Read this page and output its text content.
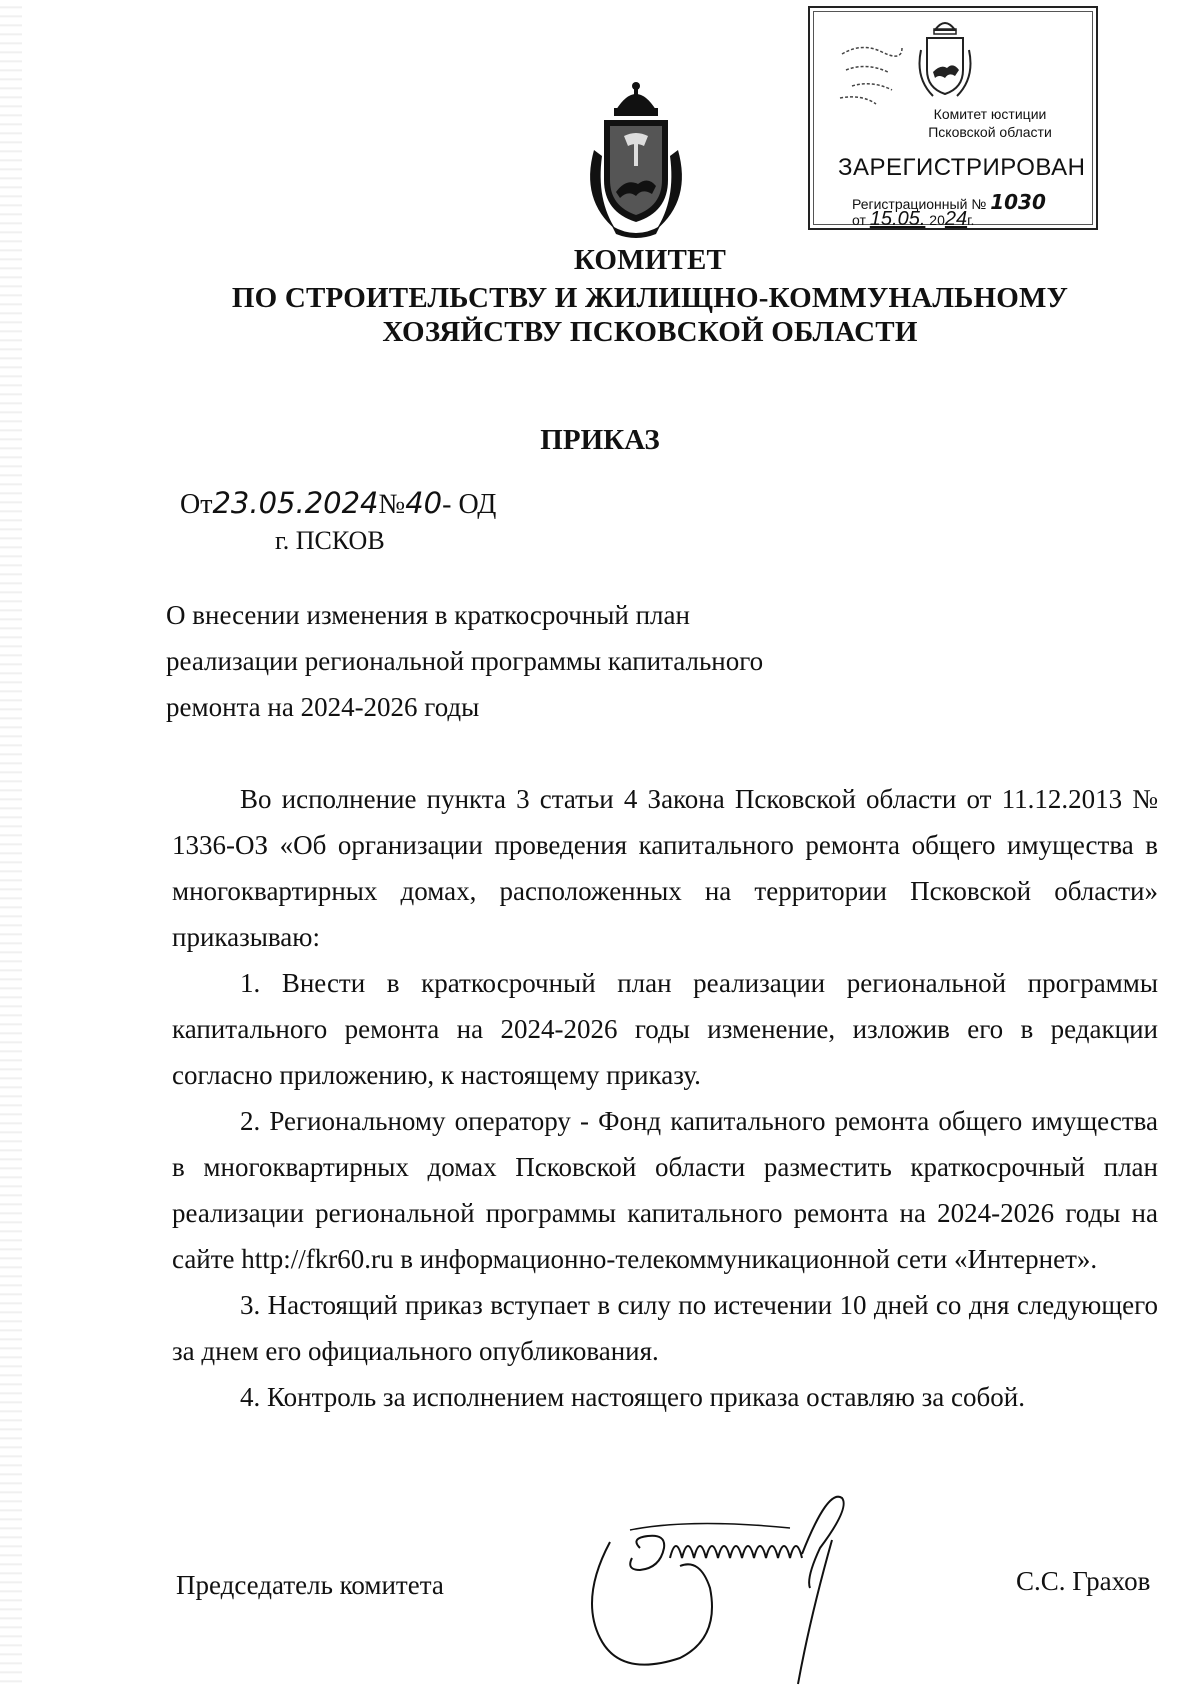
Комитет юстиции
Псковской области
ЗАРЕГИСТРИРОВАН
Регистрационный № 1030
от 15.05. 2024г.
КОМИТЕТ
ПО СТРОИТЕЛЬСТВУ И ЖИЛИЩНО-КОММУНАЛЬНОМУ
ХОЗЯЙСТВУ ПСКОВСКОЙ ОБЛАСТИ
ПРИКАЗ
От23.05.2024№40- ОД
г. ПСКОВ
О внесении изменения в краткосрочный план
реализации региональной программы капитального
ремонта на 2024-2026 годы

Во исполнение пункта 3 статьи 4 Закона Псковской области от 11.12.2013 № 1336-ОЗ «Об организации проведения капитального ремонта общего имущества в многоквартирных домах, расположенных на территории Псковской области» приказываю:

1. Внести в краткосрочный план реализации региональной программы капитального ремонта на 2024-2026 годы изменение, изложив его в редакции согласно приложению, к настоящему приказу.

2. Региональному оператору - Фонд капитального ремонта общего имущества в многоквартирных домах Псковской области разместить краткосрочный план реализации региональной программы капитального ремонта на 2024-2026 годы на сайте http://fkr60.ru в информационно-телекоммуникационной сети «Интернет».

3. Настоящий приказ вступает в силу по истечении 10 дней со дня следующего за днем его официального опубликования.

4. Контроль за исполнением настоящего приказа оставляю за собой.

Председатель комитета	С.С. Грахов
